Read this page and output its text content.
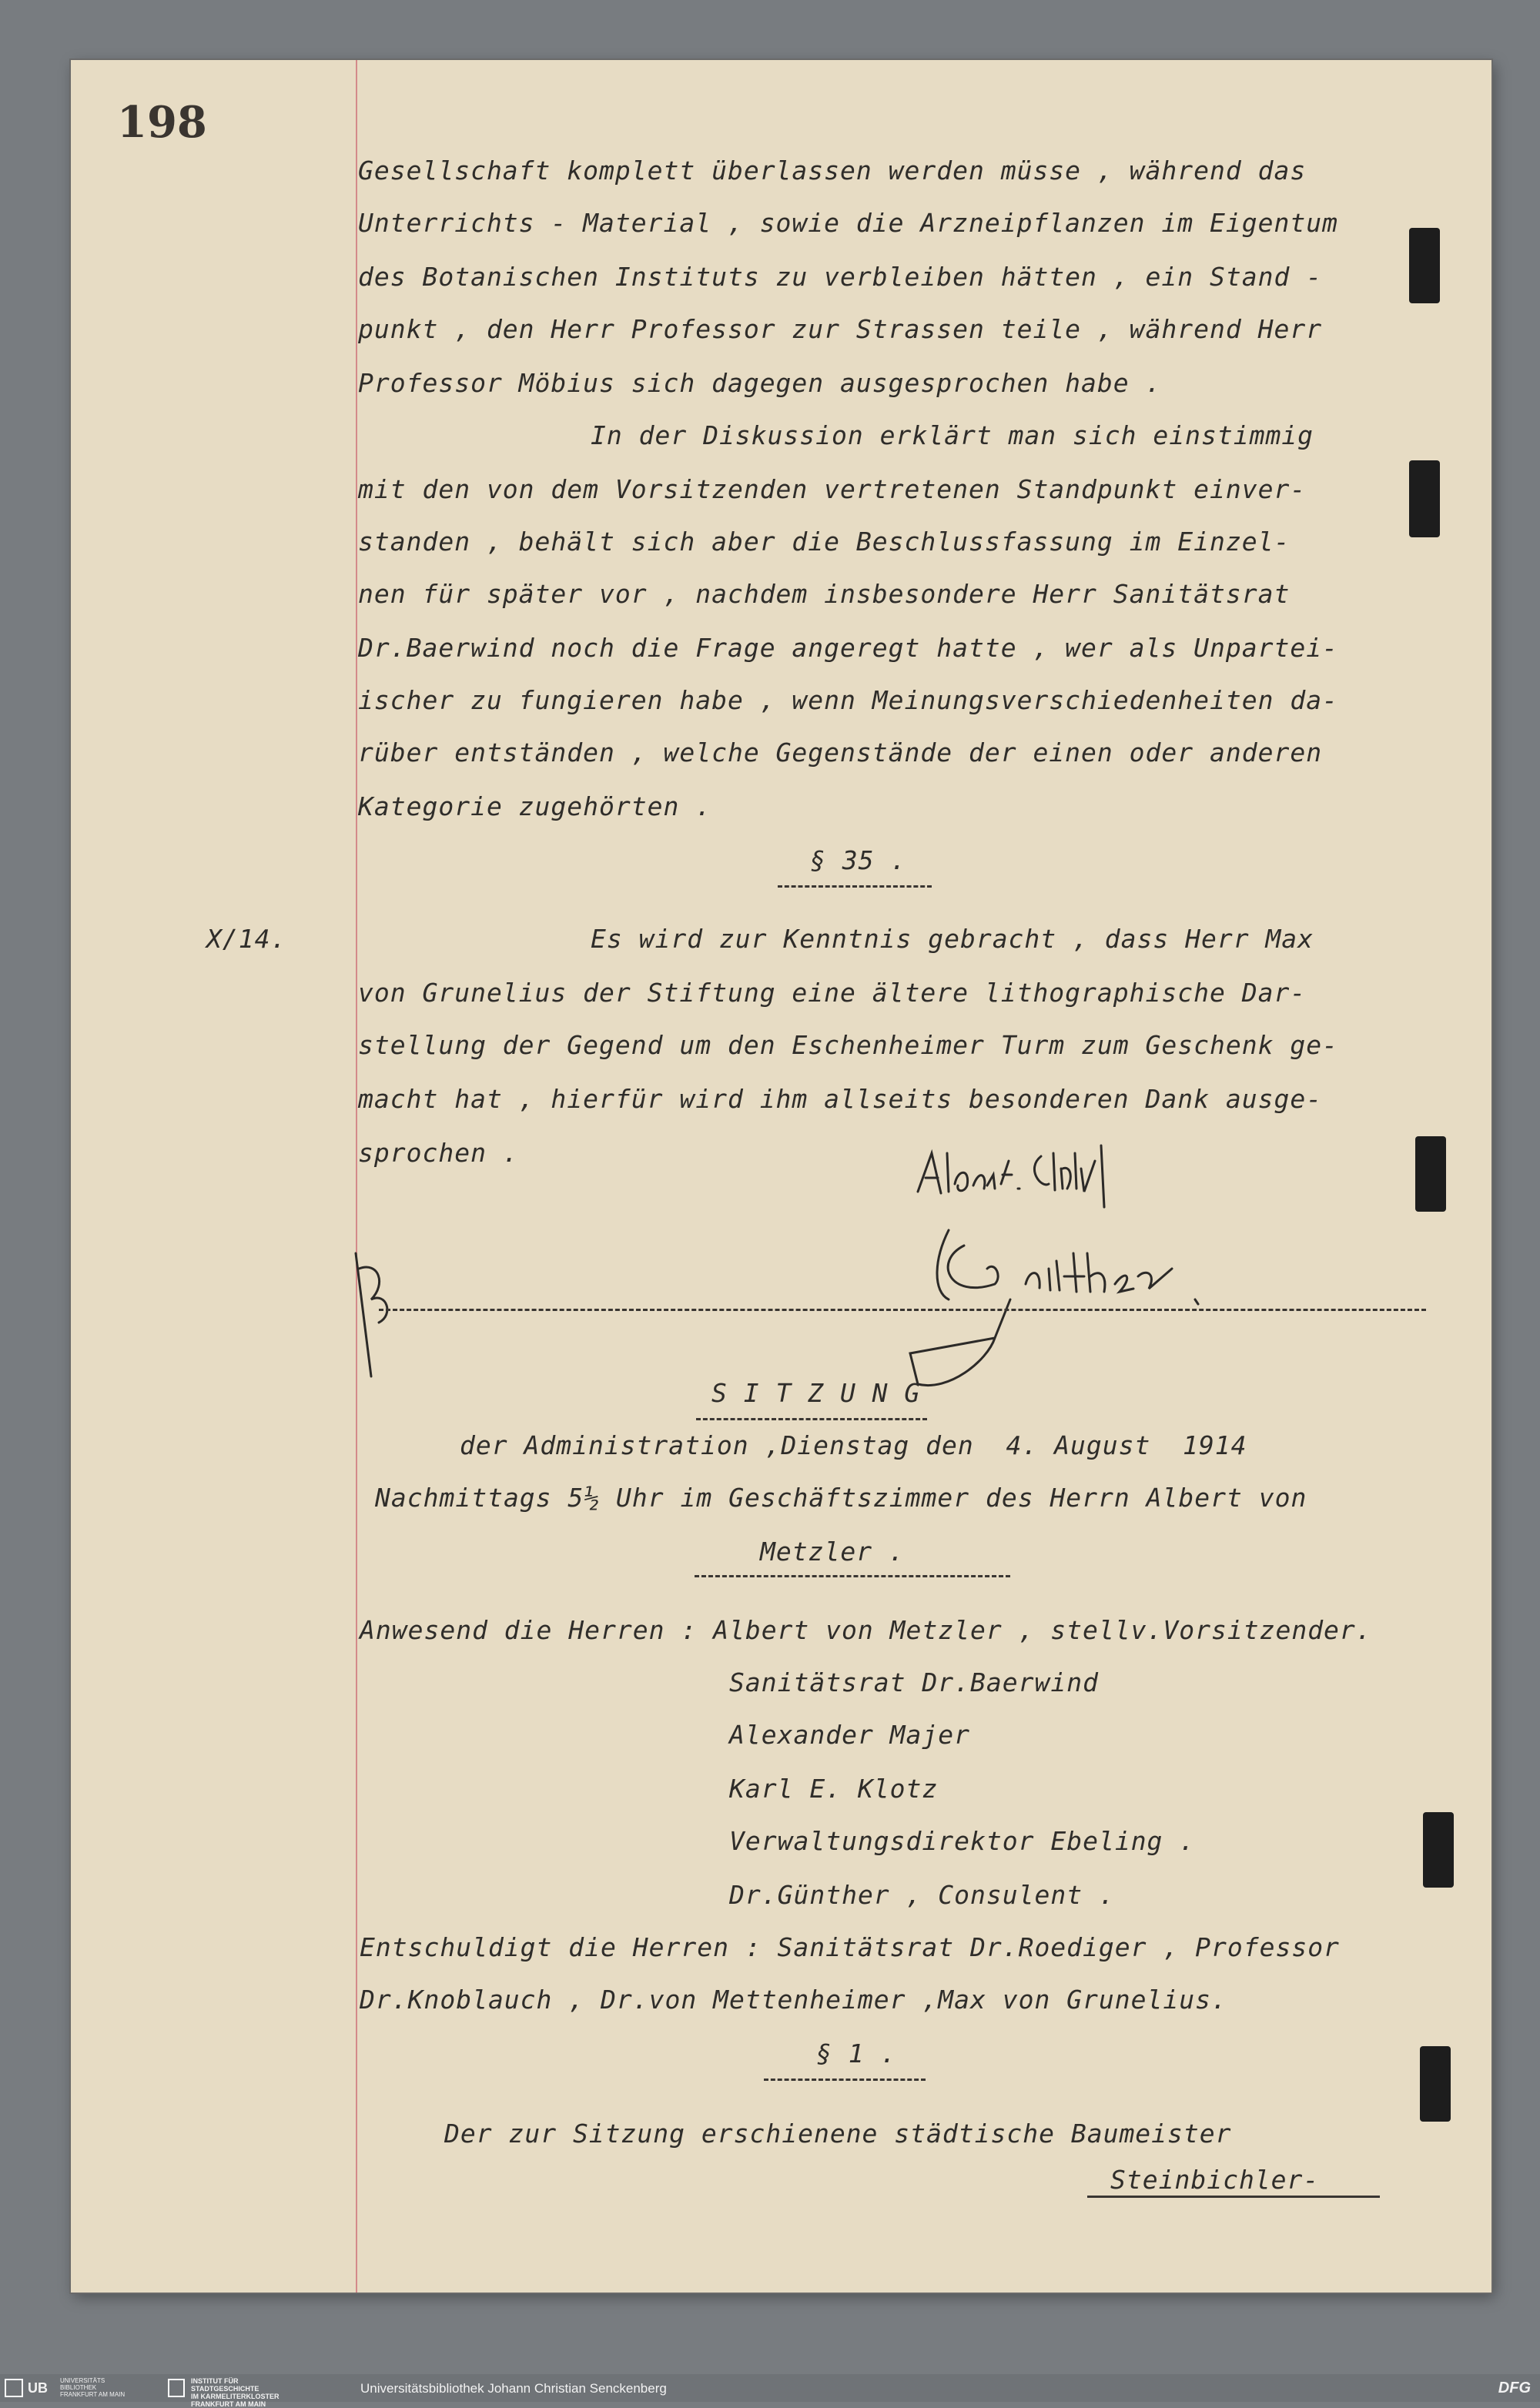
198
Gesellschaft komplett überlassen werden müsse , während das
Unterrichts - Material , sowie die Arzneipflanzen im Eigentum
des Botanischen Instituts zu verbleiben hätten , ein Stand -
punkt , den Herr Professor zur Strassen teile , während Herr
Professor Möbius sich dagegen ausgesprochen habe .
In der Diskussion erklärt man sich einstimmig
mit den von dem Vorsitzenden vertretenen Standpunkt einver-
standen , behält sich aber die Beschlussfassung im Einzel-
nen für später vor , nachdem insbesondere Herr Sanitätsrat
Dr.Baerwind noch die Frage angeregt hatte , wer als Unpartei-
ischer zu fungieren habe , wenn Meinungsverschiedenheiten da-
rüber entständen , welche Gegenstände der einen oder anderen
Kategorie zugehörten .
§ 35 .
X/14.	Es wird zur Kenntnis gebracht , dass Herr Max
von Grunelius der Stiftung eine ältere lithographische Dar-
stellung der Gegend um den Eschenheimer Turm zum Geschenk ge-
macht hat , hierfür wird ihm allseits besonderen Dank ausge-
sprochen .
S I T Z U N G
der Administration ,Dienstag den  4. August  1914
Nachmittags 5½ Uhr im Geschäftszimmer des Herrn Albert von
Metzler .
Anwesend die Herren : Albert von Metzler , stellv.Vorsitzender.
Sanitätsrat Dr.Baerwind
Alexander Majer
Karl E. Klotz
Verwaltungsdirektor Ebeling .
Dr.Günther , Consulent .
Entschuldigt die Herren : Sanitätsrat Dr.Roediger , Professor
Dr.Knoblauch , Dr.von Mettenheimer ,Max von Grunelius.
§ 1 .
Der zur Sitzung erschienene städtische Baumeister
Steinbichler-
UB UNIVERSITÄTS
BIBLIOTHEK
FRANKFURT AM MAIN
INSTITUT FÜR
STADTGESCHICHTE
IM KARMELITERKLOSTER
FRANKFURT AM MAIN
Universitätsbibliothek Johann Christian Senckenberg	DFG
